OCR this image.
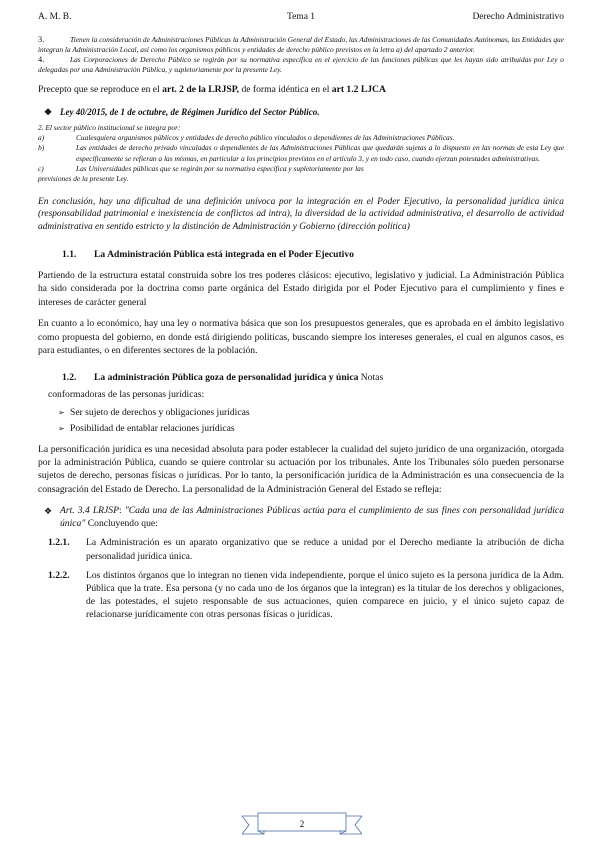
A. M. B.	Tema 1	Derecho Administrativo

3.	Tienen la consideración de Administraciones Públicas la Administración General del Estado, las Administraciones de las Comunidades Autónomas, las Entidades que integran la Administración Local, así como los organismos públicos y entidades de derecho público previstos en la letra a) del apartado 2 anterior.

4.	Las Corporaciones de Derecho Público se regirán por su normativa específica en el ejercicio de las funciones públicas que les hayan sido atribuidas por Ley o delegadas por una Administración Pública, y supletoriamente por la presente Ley.

Precepto que se reproduce en el art. 2 de la LRJSP, de forma idéntica en el art 1.2 LJCA

❖ Ley 40/2015, de 1 de octubre, de Régimen Jurídico del Sector Público.

2. El sector público institucional se integra por:

a)	Cualesquiera organismos públicos y entidades de derecho público vinculados o dependientes de las Administraciones Públicas.

b)	Las entidades de derecho privado vinculadas o dependientes de las Administraciones Públicas que quedarán sujetas a lo dispuesto en las normas de esta Ley que específicamente se refieran a las mismas, en particular a los principios previstos en el artículo 3, y en todo caso, cuando ejerzan potestades administrativas.

c)	Las Universidades públicas que se regirán por su normativa específica y supletoriamente por las

previsiones de la presente Ley.

En conclusión, hay una dificultad de una definición unívoca por la integración en el Poder Ejecutivo, la personalidad jurídica única (responsabilidad patrimonial e inexistencia de conflictos ad intra), la diversidad de la actividad administrativa, el desarrollo de actividad administrativa en sentido estricto y la distinción de Administración y Gobierno (dirección política)

1.1. La Administración Pública está integrada en el Poder Ejecutivo

Partiendo de la estructura estatal construida sobre los tres poderes clásicos: ejecutivo, legislativo y judicial. La Administración Pública ha sido considerada por la doctrina como parte orgánica del Estado dirigida por el Poder Ejecutivo para el cumplimiento y fines e intereses de carácter general

En cuanto a lo económico, hay una ley o normativa básica que son los presupuestos generales, que es aprobada en el ámbito legislativo como propuesta del gobierno, en donde está dirigiendo políticas, buscando siempre los intereses generales, el cual en algunos casos, es para estudiantes, o en diferentes sectores de la población.

1.2. La administración Pública goza de personalidad jurídica y única Notas

conformadoras de las personas jurídicas:

➢ Ser sujeto de derechos y obligaciones jurídicas

➢ Posibilidad de entablar relaciones jurídicas

La personificación jurídica es una necesidad absoluta para poder establecer la cualidad del sujeto jurídico de una organización, otorgada por la administración Pública, cuando se quiere controlar su actuación por los tribunales. Ante los Tribunales sólo pueden personarse sujetos de derecho, personas físicas o jurídicas. Por lo tanto, la personificación jurídica de la Administración es una consecuencia de la consagración del Estado de Derecho. La personalidad de la Administración General del Estado se refleja:

❖ Art. 3.4 LRJSP: "Cada una de las Administraciones Públicas actúa para el cumplimiento de sus fines con personalidad jurídica única" Concluyendo que:

1.2.1. La Administración es un aparato organizativo que se reduce a unidad por el Derecho mediante la atribución de dicha personalidad jurídica única.

1.2.2. Los distintos órganos que lo integran no tienen vida independiente, porque el único sujeto es la persona jurídica de la Adm. Pública que la trate. Esa persona (y no cada uno de los órganos que la integran) es la titular de los derechos y obligaciones, de las potestades, el sujeto responsable de sus actuaciones, quien comparece en juicio, y el único sujeto capaz de relacionarse jurídicamente con otras personas físicas o jurídicas.

2
